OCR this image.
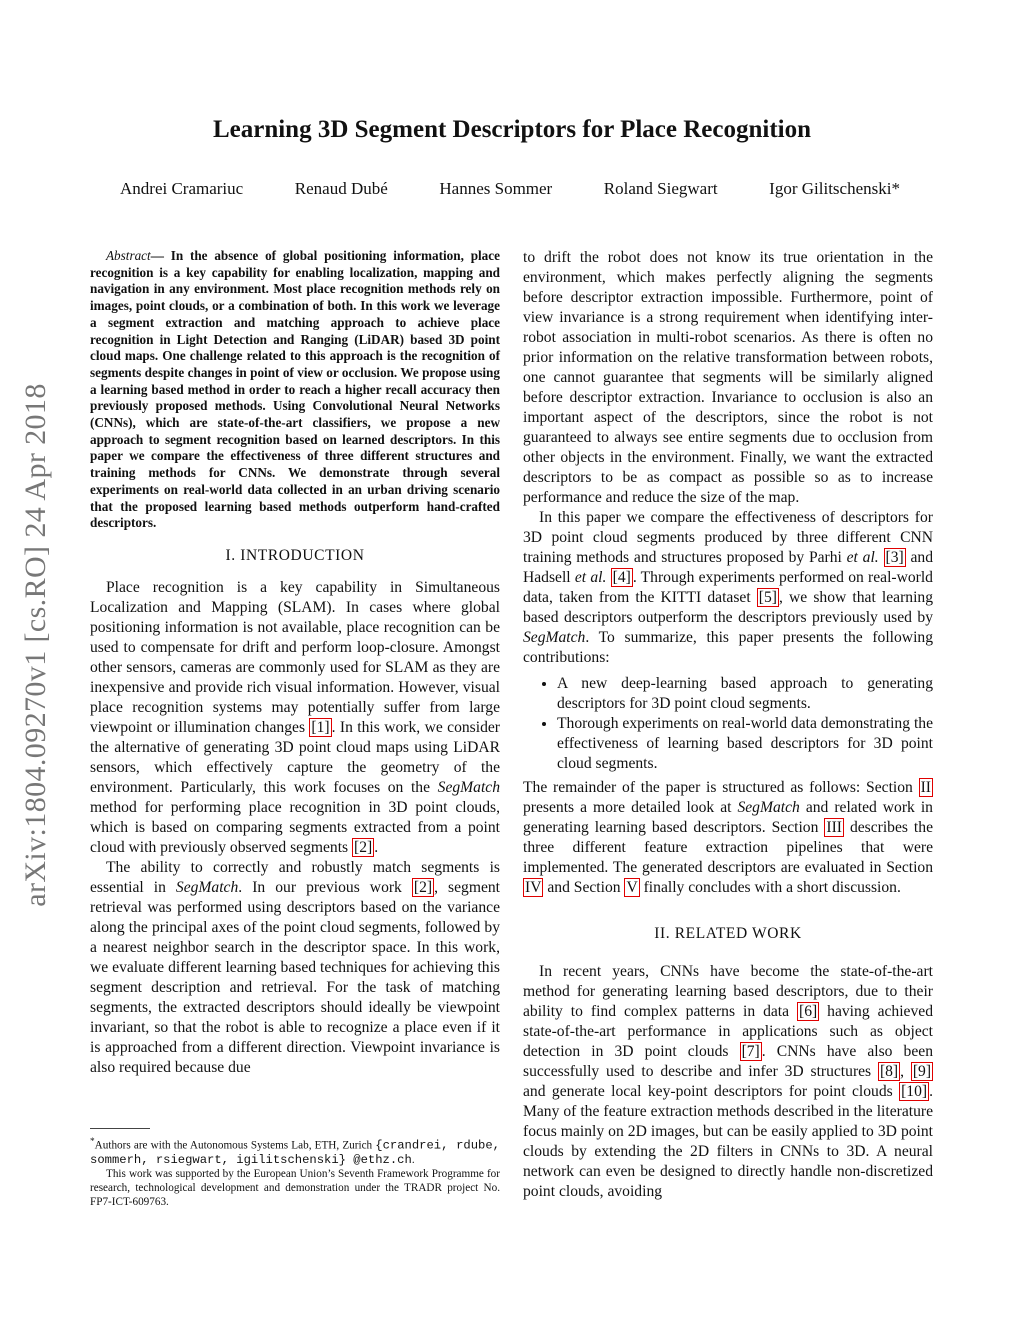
arXiv:1804.09270v1 [cs.RO] 24 Apr 2018
Learning 3D Segment Descriptors for Place Recognition
Andrei Cramariuc	Renaud Dubé	Hannes Sommer	Roland Siegwart	Igor Gilitschenski*

Abstract— In the absence of global positioning information, place recognition is a key capability for enabling localization, mapping and navigation in any environment. Most place recognition methods rely on images, point clouds, or a combination of both. In this work we leverage a segment extraction and matching approach to achieve place recognition in Light Detection and Ranging (LiDAR) based 3D point cloud maps. One challenge related to this approach is the recognition of segments despite changes in point of view or occlusion. We propose using a learning based method in order to reach a higher recall accuracy then previously proposed methods. Using Convolutional Neural Networks (CNNs), which are state-of-the-art classifiers, we propose a new approach to segment recognition based on learned descriptors. In this paper we compare the effectiveness of three different structures and training methods for CNNs. We demonstrate through several experiments on real-world data collected in an urban driving scenario that the proposed learning based methods outperform hand-crafted descriptors.

I. INTRODUCTION

Place recognition is a key capability in Simultaneous Localization and Mapping (SLAM). In cases where global positioning information is not available, place recognition can be used to compensate for drift and perform loop-closure. Amongst other sensors, cameras are commonly used for SLAM as they are inexpensive and provide rich visual information. However, visual place recognition systems may potentially suffer from large viewpoint or illumination changes [1] . In this work, we consider the alternative of generating 3D point cloud maps using LiDAR sensors, which effectively capture the geometry of the environment. Particularly, this work focuses on the SegMatch method for performing place recognition in 3D point clouds, which is based on comparing segments extracted from a point cloud with previously observed segments [2] .

The ability to correctly and robustly match segments is essential in SegMatch. In our previous work [2] , segment retrieval was performed using descriptors based on the variance along the principal axes of the point cloud segments, followed by a nearest neighbor search in the descriptor space. In this work, we evaluate different learning based techniques for achieving this segment description and retrieval. For the task of matching segments, the extracted descriptors should ideally be viewpoint invariant, so that the robot is able to recognize a place even if it is approached from a different direction. Viewpoint invariance is also required because due

*Authors are with the Autonomous Systems Lab, ETH, Zurich {crandrei, rdube, sommerh, rsiegwart, igilitschenski} @ethz.ch.

This work was supported by the European Union’s Seventh Framework Programme for research, technological development and demonstration under the TRADR project No. FP7-ICT-609763.

to drift the robot does not know its true orientation in the environment, which makes perfectly aligning the segments before descriptor extraction impossible. Furthermore, point of view invariance is a strong requirement when identifying inter-robot association in multi-robot scenarios. As there is often no prior information on the relative transformation between robots, one cannot guarantee that segments will be similarly aligned before descriptor extraction. Invariance to occlusion is also an important aspect of the descriptors, since the robot is not guaranteed to always see entire segments due to occlusion from other objects in the environment. Finally, we want the extracted descriptors to be as compact as possible so as to increase performance and reduce the size of the map.

In this paper we compare the effectiveness of descriptors for 3D point cloud segments produced by three different CNN training methods and structures proposed by Parhi et al. [3] and Hadsell et al. [4] . Through experiments performed on real-world data, taken from the KITTI dataset [5] , we show that learning based descriptors outperform the descriptors previously used by SegMatch. To summarize, this paper presents the following contributions:

• A new deep-learning based approach to generating descriptors for 3D point cloud segments.
• Thorough experiments on real-world data demonstrating the effectiveness of learning based descriptors for 3D point cloud segments.

The remainder of the paper is structured as follows: Section II presents a more detailed look at SegMatch and related work in generating learning based descriptors. Section III describes the three different feature extraction pipelines that were implemented. The generated descriptors are evaluated in Section IV and Section V finally concludes with a short discussion.

II. RELATED WORK

In recent years, CNNs have become the state-of-the-art method for generating learning based descriptors, due to their ability to find complex patterns in data [6] having achieved state-of-the-art performance in applications such as object detection in 3D point clouds [7] . CNNs have also been successfully used to describe and infer 3D structures [8] , [9] and generate local key-point descriptors for point clouds [10] . Many of the feature extraction methods described in the literature focus mainly on 2D images, but can be easily applied to 3D point clouds by extending the 2D filters in CNNs to 3D. A neural network can even be designed to directly handle non-discretized point clouds, avoiding
